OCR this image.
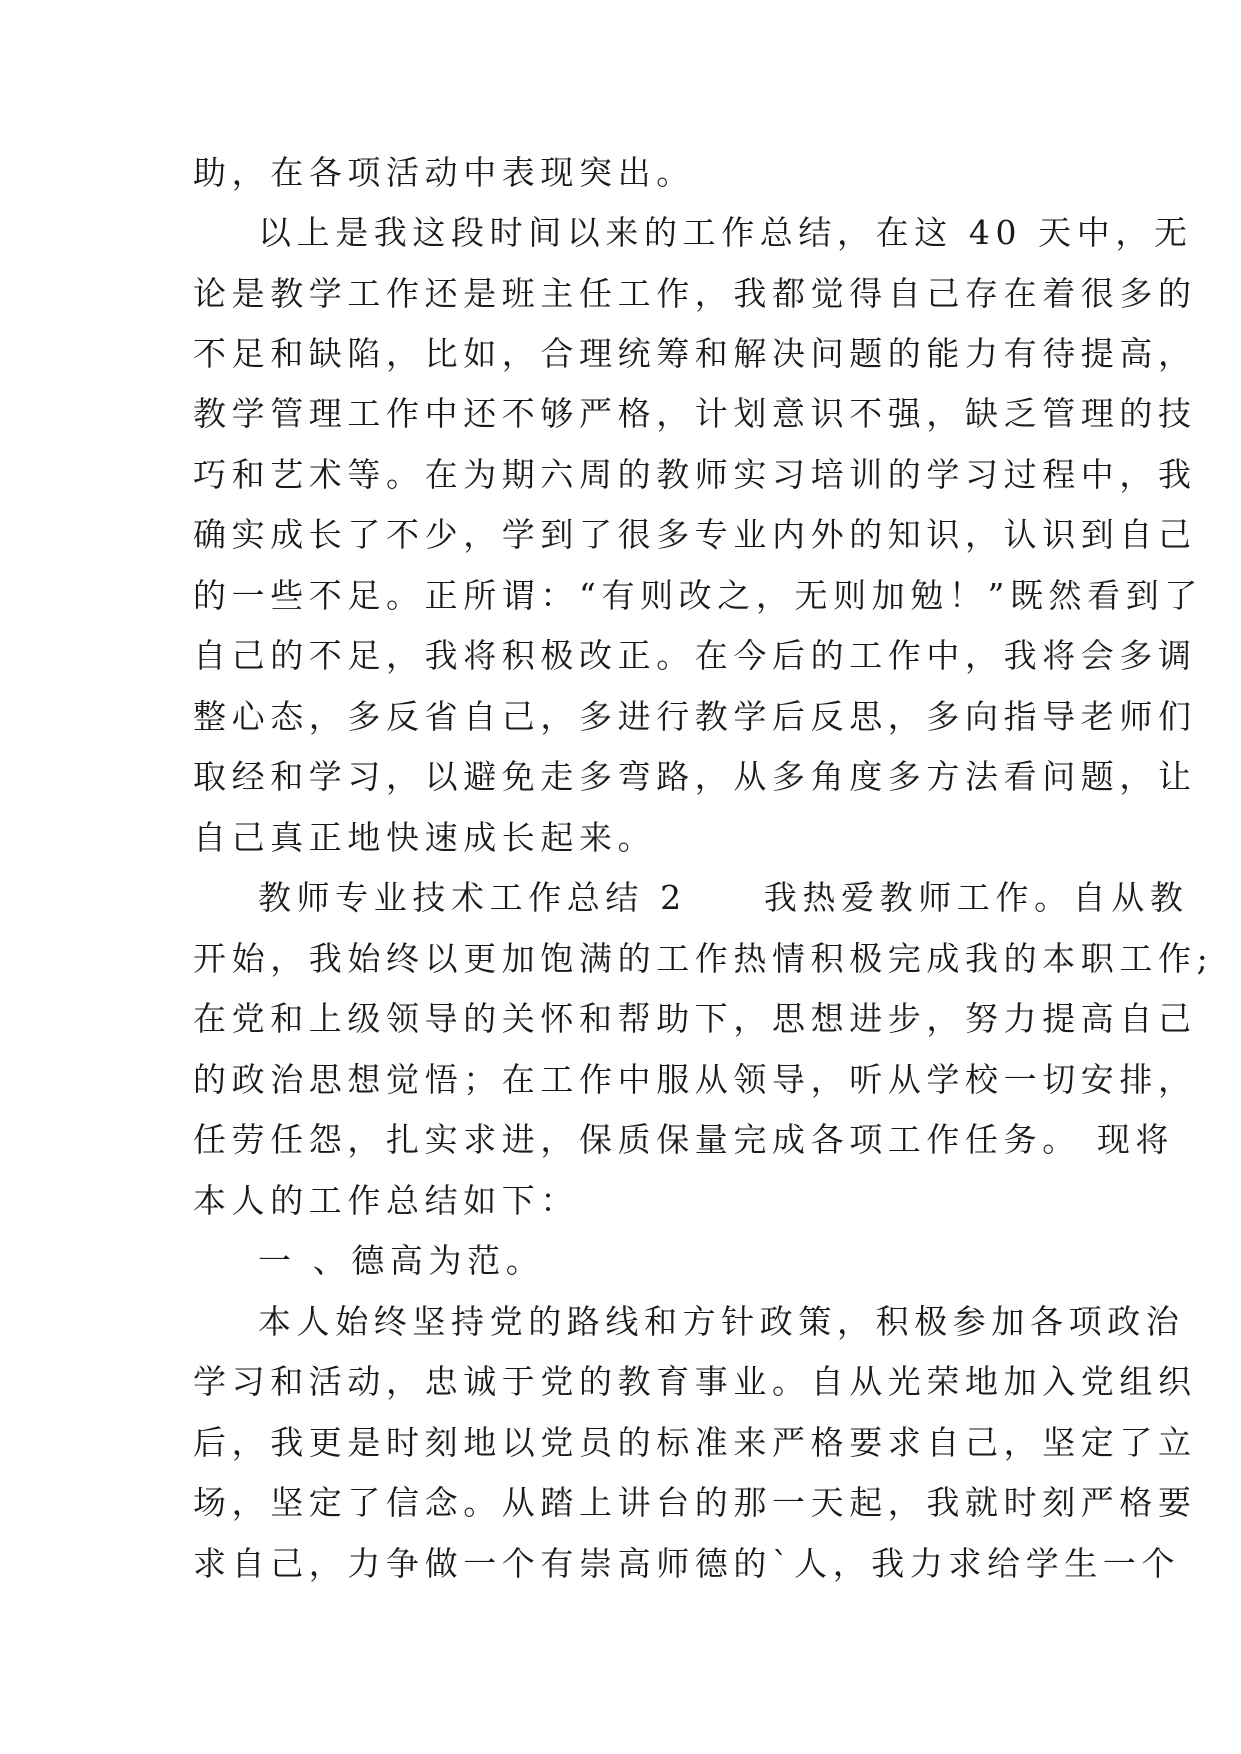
助，在各项活动中表现突出。
以上是我这段时间以来的工作总结，在这 40 天中，无
论是教学工作还是班主任工作，我都觉得自己存在着很多的
不足和缺陷，比如，合理统筹和解决问题的能力有待提高，
教学管理工作中还不够严格，计划意识不强，缺乏管理的技
巧和艺术等。在为期六周的教师实习培训的学习过程中，我
确实成长了不少，学到了很多专业内外的知识，认识到自己
的一些不足。正所谓：“有则改之，无则加勉！”既然看到了
自己的不足，我将积极改正。在今后的工作中，我将会多调
整心态，多反省自己，多进行教学后反思，多向指导老师们
取经和学习，以避免走多弯路，从多角度多方法看问题，让
自己真正地快速成长起来。
教师专业技术工作总结 2　　我热爱教师工作。自从教
开始，我始终以更加饱满的工作热情积极完成我的本职工作;
在党和上级领导的关怀和帮助下，思想进步，努力提高自己
的政治思想觉悟；在工作中服从领导，听从学校一切安排，
任劳任怨，扎实求进，保质保量完成各项工作任务。 现将
本人的工作总结如下：
一 、德高为范。
本人始终坚持党的路线和方针政策，积极参加各项政治
学习和活动，忠诚于党的教育事业。自从光荣地加入党组织
后，我更是时刻地以党员的标准来严格要求自己，坚定了立
场，坚定了信念。从踏上讲台的那一天起，我就时刻严格要
求自己，力争做一个有崇高师德的`人，我力求给学生一个
